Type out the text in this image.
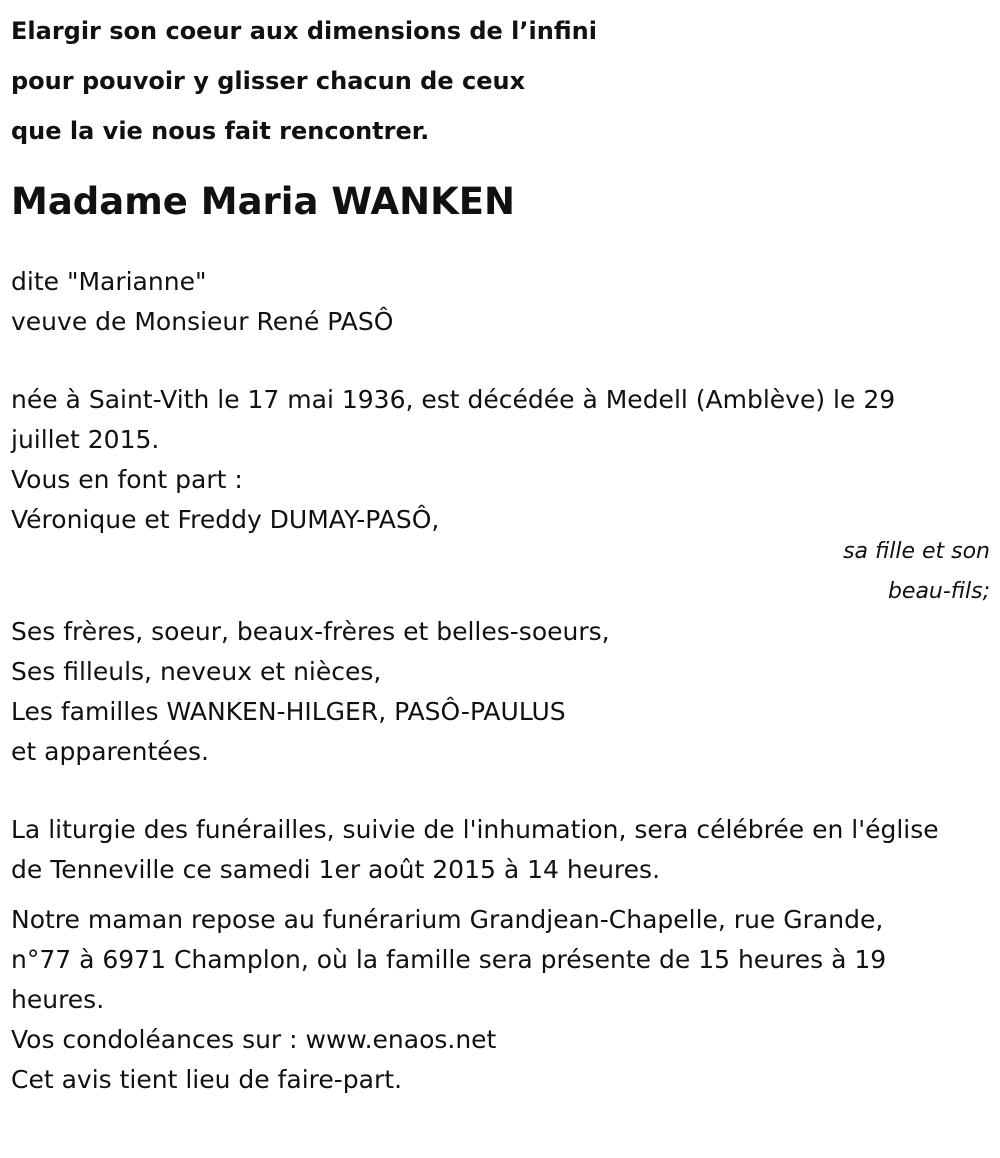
Elargir son coeur aux dimensions de l’infini
pour pouvoir y glisser chacun de ceux
que la vie nous fait rencontrer.
Madame Maria WANKEN
dite "Marianne"
veuve de Monsieur René PASÔ
née à Saint-Vith le 17 mai 1936, est décédée à Medell (Amblève) le 29
juillet 2015.
Vous en font part :
Véronique et Freddy DUMAY-PASÔ,
sa fille et son
beau-fils;
Ses frères, soeur, beaux-frères et belles-soeurs,
Ses filleuls, neveux et nièces,
Les familles WANKEN-HILGER, PASÔ-PAULUS
et apparentées.
La liturgie des funérailles, suivie de l'inhumation, sera célébrée en l'église
de Tenneville ce samedi 1er août 2015 à 14 heures.
Notre maman repose au funérarium Grandjean-Chapelle, rue Grande,
n°77 à 6971 Champlon, où la famille sera présente de 15 heures à 19
heures.
Vos condoléances sur : www.enaos.net
Cet avis tient lieu de faire-part.
